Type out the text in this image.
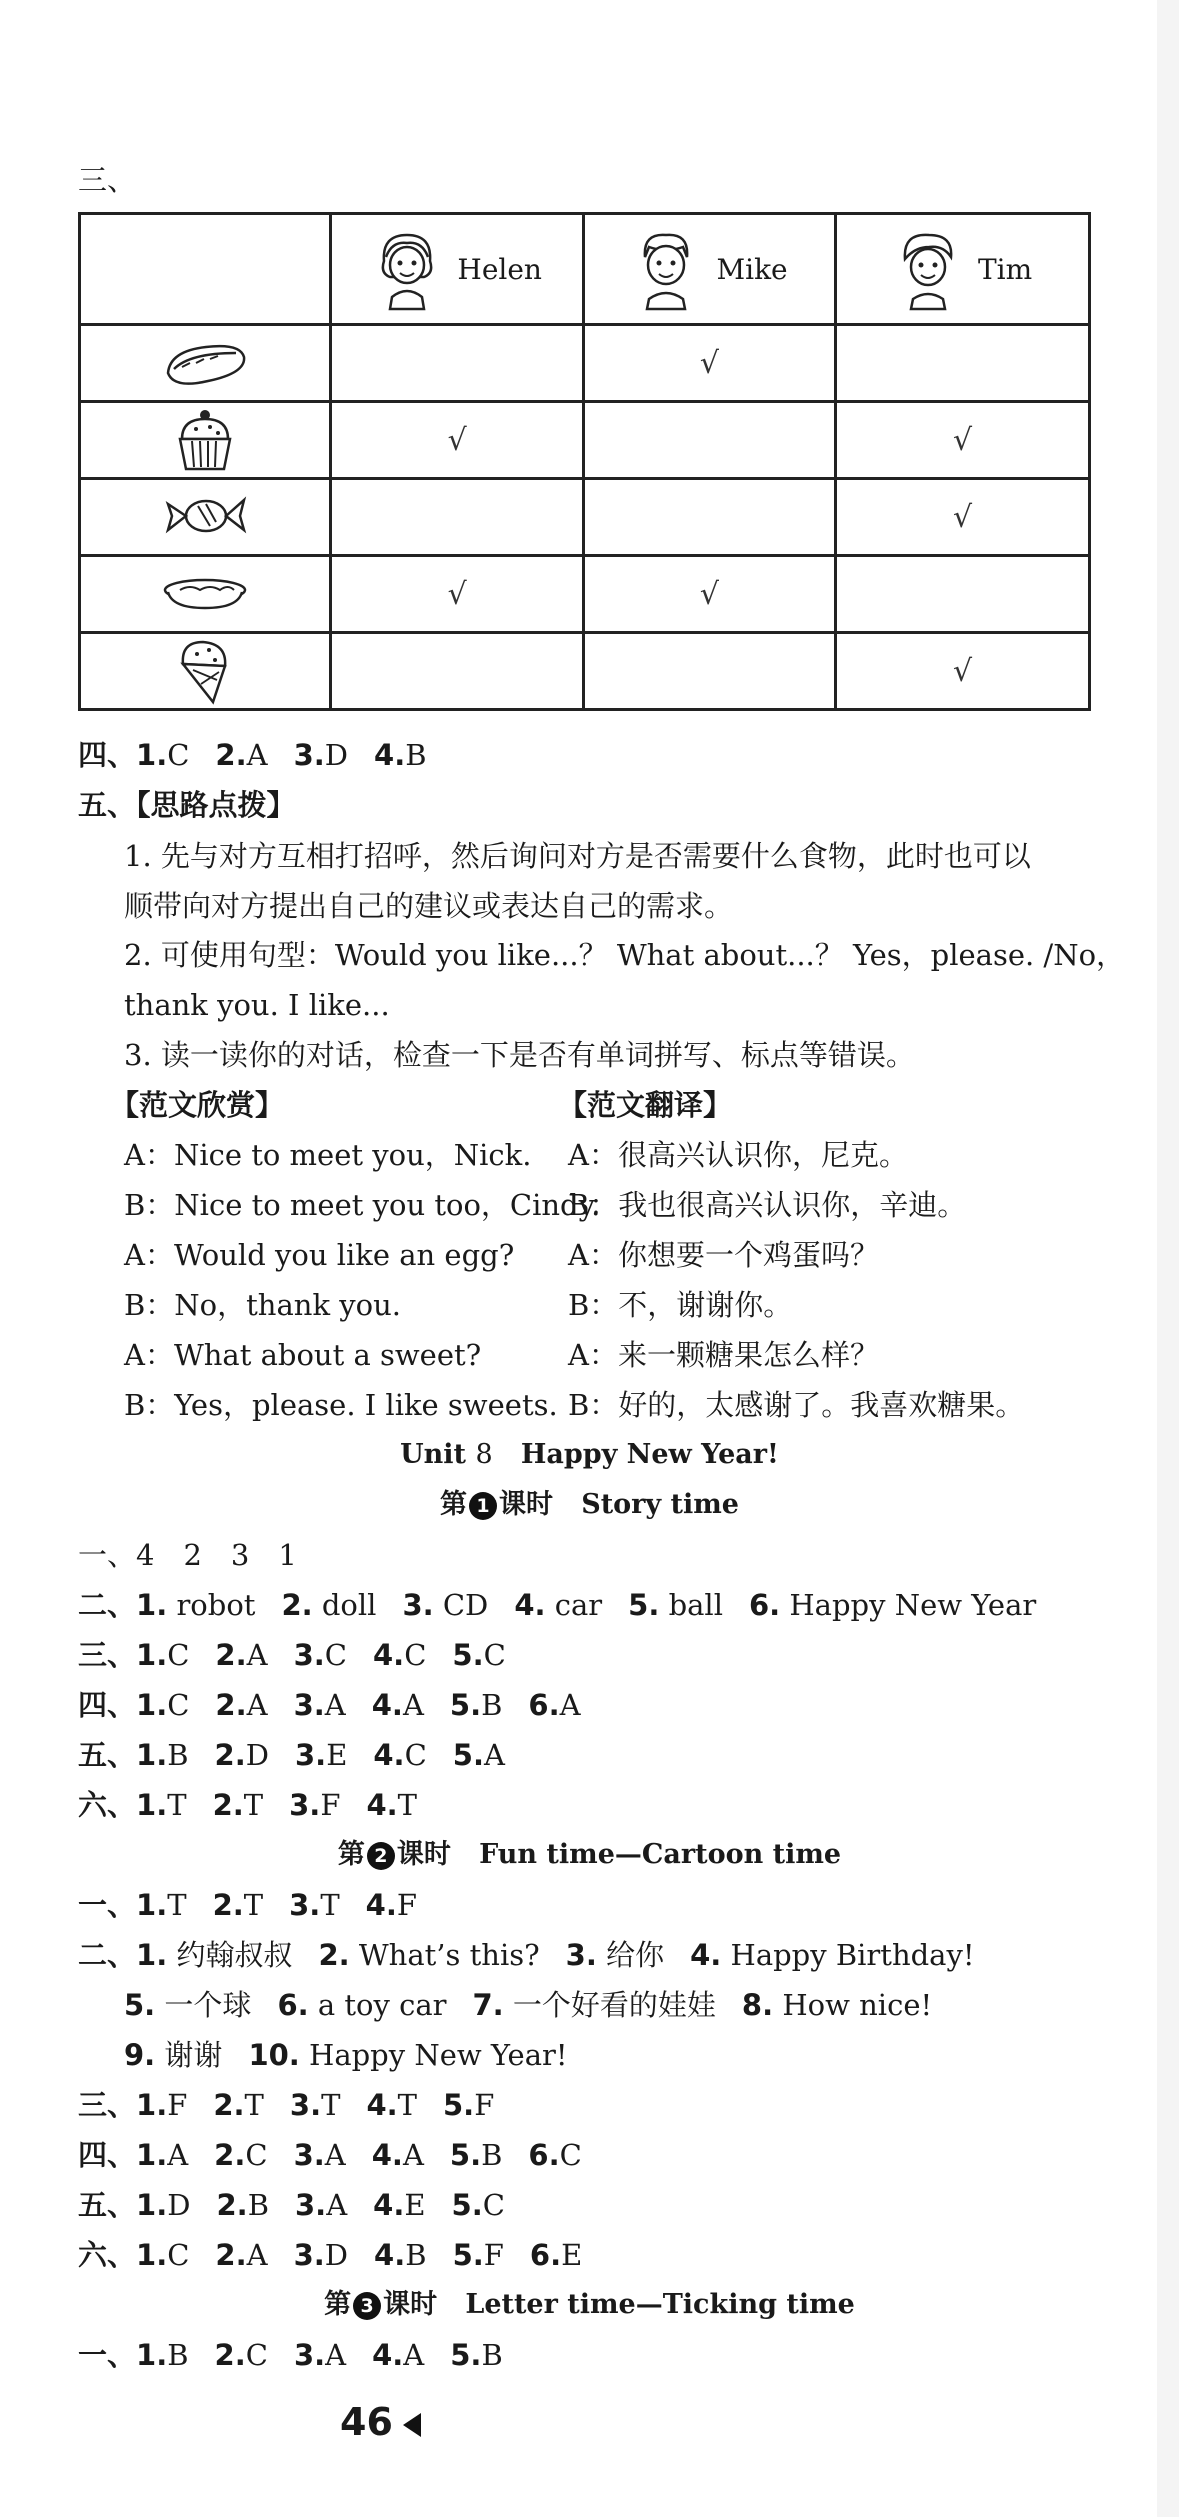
三、
	Helen	Mike	Tim
		√	
	√		√
			√
	√	√	
			√
四、1.C 2.A 3.D 4.B
五、【思路点拨】
1. 先与对方互相打招呼，然后询问对方是否需要什么食物，此时也可以
顺带向对方提出自己的建议或表达自己的需求。
2. 可使用句型：Would you like...？ What about...？ Yes，please. /No，
thank you. I like...
3. 读一读你的对话，检查一下是否有单词拼写、标点等错误。
【范文欣赏】	【范文翻译】
A：Nice to meet you，Nick.
B：Nice to meet you too，Cindy.
A：Would you like an egg?
B：No，thank you.
A：What about a sweet?
B：Yes，please. I like sweets.
A：很高兴认识你，尼克。
B：我也很高兴认识你，辛迪。
A：你想要一个鸡蛋吗？
B：不，谢谢你。
A：来一颗糖果怎么样？
B：好的，太感谢了。我喜欢糖果。
Unit 8 Happy New Year!
第 1 课时 Story time
一、4　2　3　1
二、1. robot 2. doll 3. CD 4. car 5. ball 6. Happy New Year
三、1.C 2.A 3.C 4.C 5.C
四、1.C 2.A 3.A 4.A 5.B 6.A
五、1.B 2.D 3.E 4.C 5.A
六、1.T 2.T 3.F 4.T
第 2 课时 Fun time—Cartoon time
一、1.T 2.T 3.T 4.F
二、1. 约翰叔叔 2. What’s this? 3. 给你 4. Happy Birthday!
5. 一个球 6. a toy car 7. 一个好看的娃娃 8. How nice!
9. 谢谢 10. Happy New Year!
三、1.F 2.T 3.T 4.T 5.F
四、1.A 2.C 3.A 4.A 5.B 6.C
五、1.D 2.B 3.A 4.E 5.C
六、1.C 2.A 3.D 4.B 5.F 6.E
第 3 课时 Letter time—Ticking time
一、1.B 2.C 3.A 4.A 5.B
46
